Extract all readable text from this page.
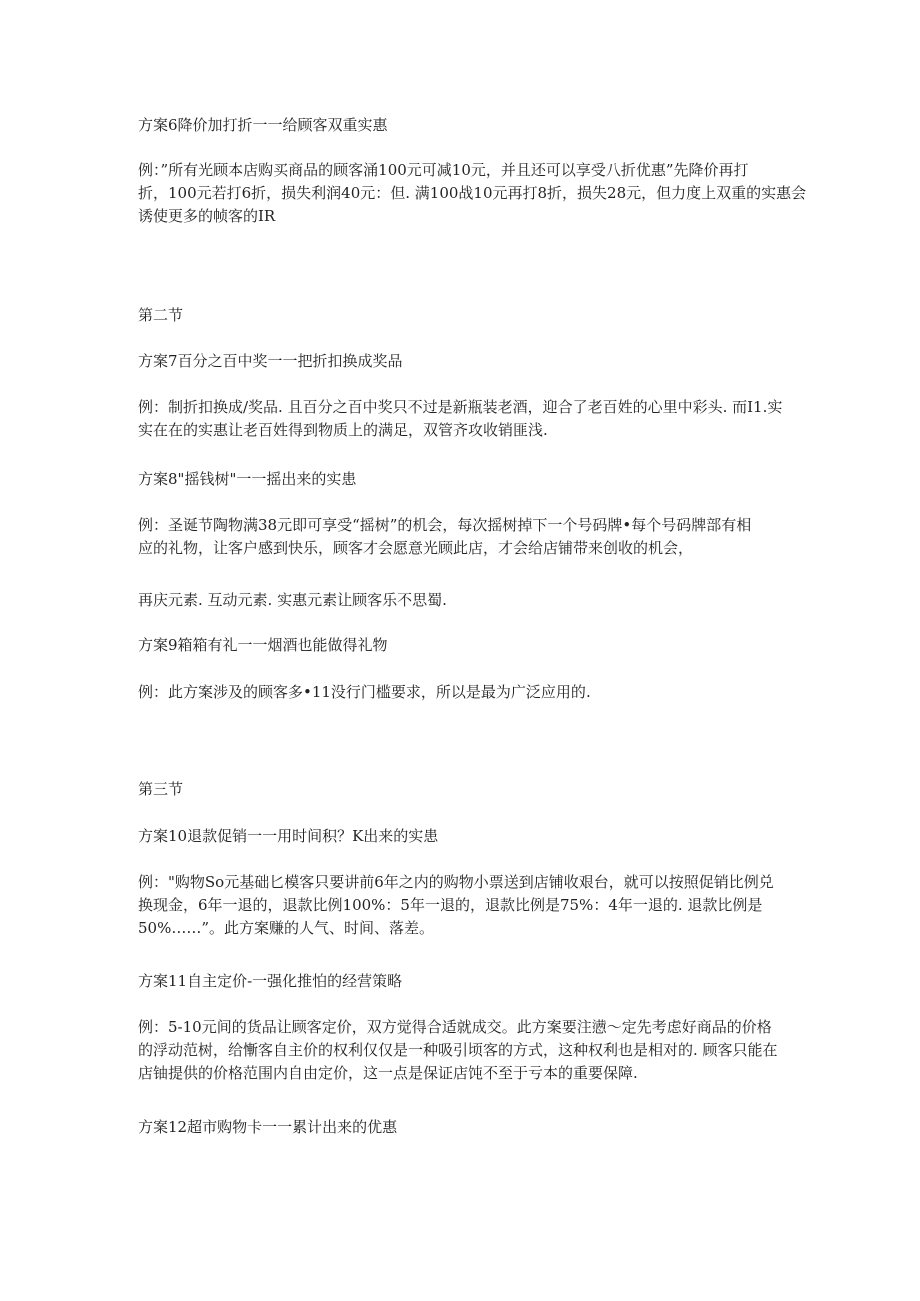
方案6降价加打折一一给顾客双重实惠

例：”所有光顾本店购买商品的顾客涌100元可减10元，并且还可以享受八折优惠”先降价再打
折，100元若打6折，损失利润40元：但. 满100战10元再打8折，损失28元，但力度上双重的实惠会
诱使更多的帧客的IR

第二节

方案7百分之百中奖一一把折扣换成奖品

例：制折扣换成/奖品. 且百分之百中奖只不过是新瓶装老酒，迎合了老百姓的心里中彩头. 而I1.实
实在在的实惠让老百姓得到物质上的满足，双管齐攻收销匪浅.

方案8"摇钱树"一一摇出来的实患

例：圣诞节陶物满38元即可享受“摇树”的机会，每次摇树掉下一个号码牌•每个号码牌部有相
应的礼物，让客户感到快乐，顾客才会愿意光顾此店，才会给店铺带来创收的机会，

再庆元素. 互动元素. 实惠元素让顾客乐不思蜀.

方案9箱箱有礼一一烟酒也能做得礼物

例：此方案涉及的顾客多•11没行门槛要求，所以是最为广泛应用的.

第三节

方案10退款促销一一用时间积？K出来的实患

例："购物So元基础匕模客只要讲前6年之内的购物小票送到店铺收艰台，就可以按照促销比例兑
换现金，6年一退的，退款比例100%：5年一退的，退款比例是75%：4年一退的. 退款比例是
50%……”。此方案赚的人气、时间、落差。

方案11自主定价-一强化推怕的经营策略

例：5-10元间的货品让顾客定价，双方觉得合适就成交。此方案要注懑～定先考虑好商品的价格
的浮动范树，给慚客自主价的权利仅仅是一种吸引顷客的方式，这种权利也是相对的. 顾客只能在
店铀提供的价格范围内自由定价，这一点是保证店饨不至于亏本的重要保障.

方案12超市购物卡一一累计出来的优惠
